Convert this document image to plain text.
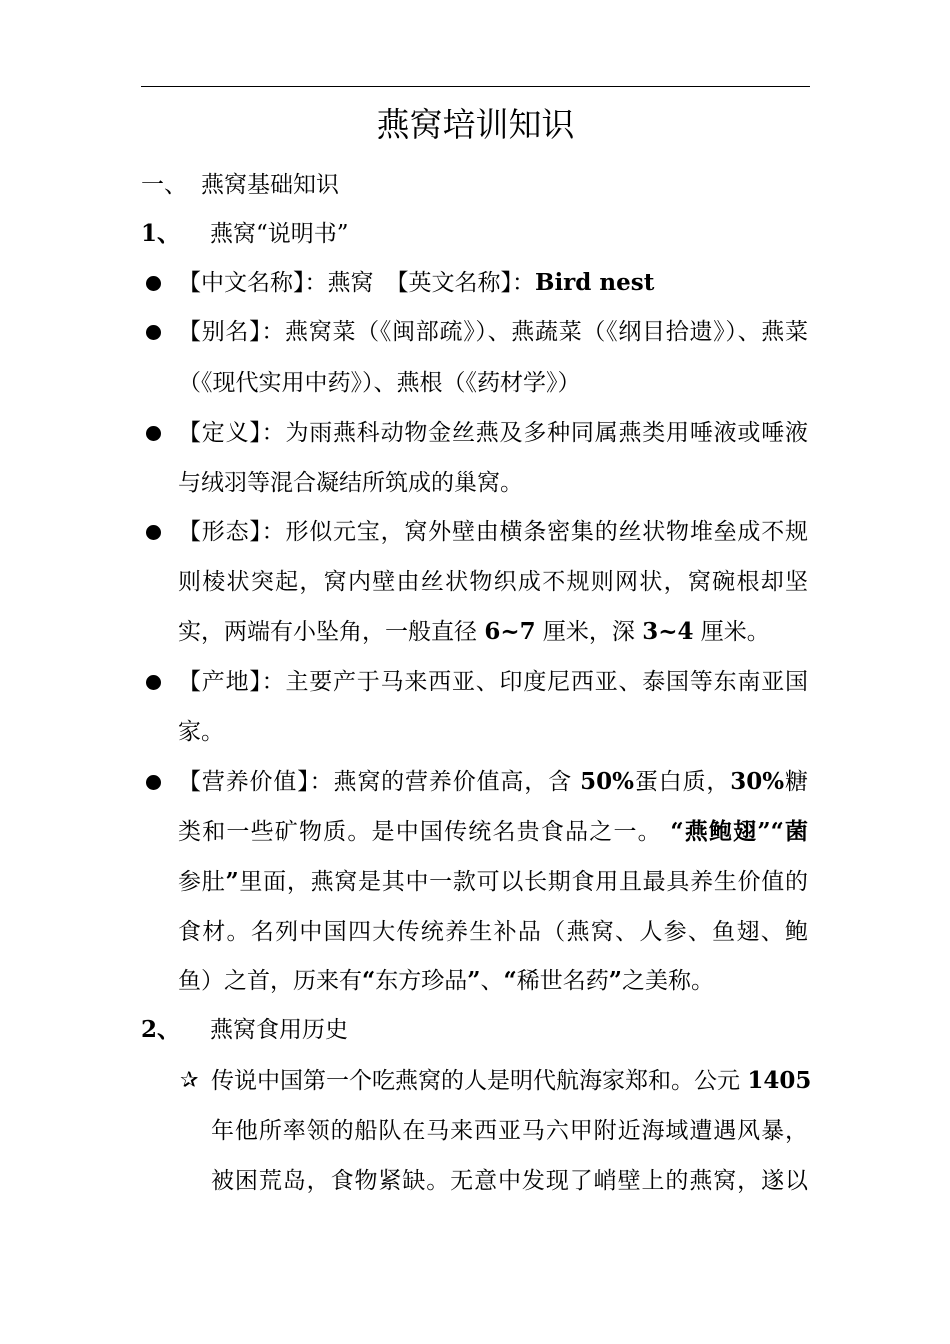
燕窝培训知识
一、 燕窝基础知识
1、 燕窝“说明书”
【中文名称】：燕窝 【英文名称】：Bird nest
【别名】：燕窝菜（《闽部疏》）、燕蔬菜（《纲目拾遗》）、燕菜
（《现代实用中药》）、燕根（《药材学》）
【定义】：为雨燕科动物金丝燕及多种同属燕类用唾液或唾液
与绒羽等混合凝结所筑成的巢窝。
【形态】：形似元宝，窝外壁由横条密集的丝状物堆垒成不规
则棱状突起，窝内壁由丝状物织成不规则网状，窝碗根却坚
实，两端有小坠角，一般直径 6~7 厘米，深 3~4 厘米。
【产地】：主要产于马来西亚、印度尼西亚、泰国等东南亚国
家。
【营养价值】：燕窝的营养价值高，含 50%蛋白质，30%糖
类和一些矿物质。是中国传统名贵食品之一。 “燕鲍翅”“菌
参肚”里面，燕窝是其中一款可以长期食用且最具养生价值的
食材。名列中国四大传统养生补品（燕窝、人参、鱼翅、鲍
鱼）之首，历来有“东方珍品”、“稀世名药”之美称。
2、 燕窝食用历史
✰ 传说中国第一个吃燕窝的人是明代航海家郑和。公元 1405
年他所率领的船队在马来西亚马六甲附近海域遭遇风暴，
被困荒岛，食物紧缺。无意中发现了峭壁上的燕窝，遂以
